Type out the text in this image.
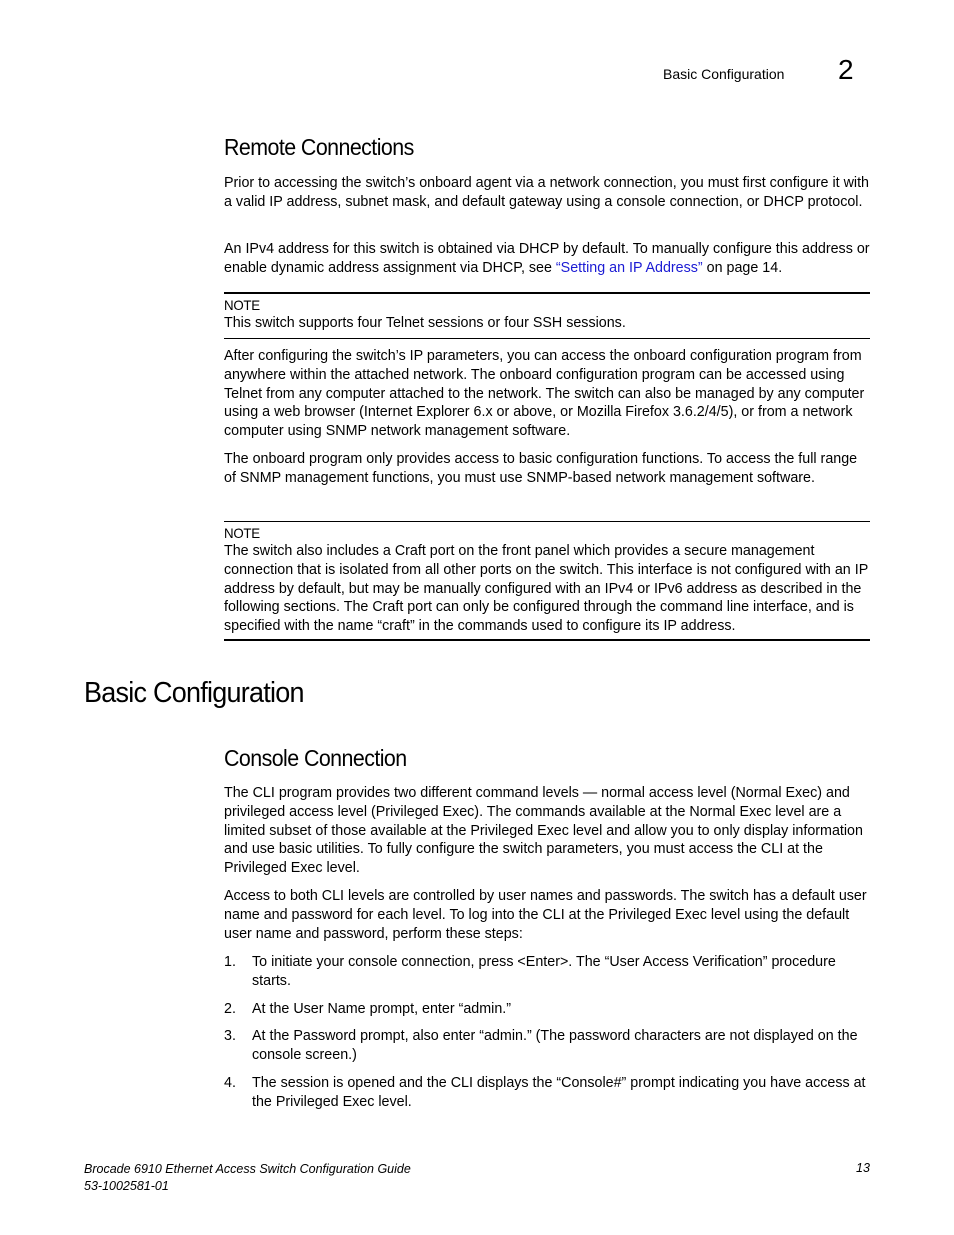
Basic Configuration 2
Remote Connections

Prior to accessing the switch’s onboard agent via a network connection, you must first configure it with a valid IP address, subnet mask, and default gateway using a console connection, or DHCP protocol.

An IPv4 address for this switch is obtained via DHCP by default. To manually configure this address or enable dynamic address assignment via DHCP, see “Setting an IP Address” on page 14.

NOTE
This switch supports four Telnet sessions or four SSH sessions.

After configuring the switch’s IP parameters, you can access the onboard configuration program from anywhere within the attached network. The onboard configuration program can be accessed using Telnet from any computer attached to the network. The switch can also be managed by any computer using a web browser (Internet Explorer 6.x or above, or Mozilla Firefox 3.6.2/4/5), or from a network computer using SNMP network management software.

The onboard program only provides access to basic configuration functions. To access the full range of SNMP management functions, you must use SNMP-based network management software.

NOTE
The switch also includes a Craft port on the front panel which provides a secure management connection that is isolated from all other ports on the switch. This interface is not configured with an IP address by default, but may be manually configured with an IPv4 or IPv6 address as described in the following sections. The Craft port can only be configured through the command line interface, and is specified with the name “craft” in the commands used to configure its IP address.
Basic Configuration
Console Connection

The CLI program provides two different command levels — normal access level (Normal Exec) and privileged access level (Privileged Exec). The commands available at the Normal Exec level are a limited subset of those available at the Privileged Exec level and allow you to only display information and use basic utilities. To fully configure the switch parameters, you must access the CLI at the Privileged Exec level.

Access to both CLI levels are controlled by user names and passwords. The switch has a default user name and password for each level. To log into the CLI at the Privileged Exec level using the default user name and password, perform these steps:

1. To initiate your console connection, press <Enter>. The “User Access Verification” procedure starts.
2. At the User Name prompt, enter “admin.”
3. At the Password prompt, also enter “admin.” (The password characters are not displayed on the console screen.)
4. The session is opened and the CLI displays the “Console#” prompt indicating you have access at the Privileged Exec level.
Brocade 6910 Ethernet Access Switch Configuration Guide
53-1002581-01
13
